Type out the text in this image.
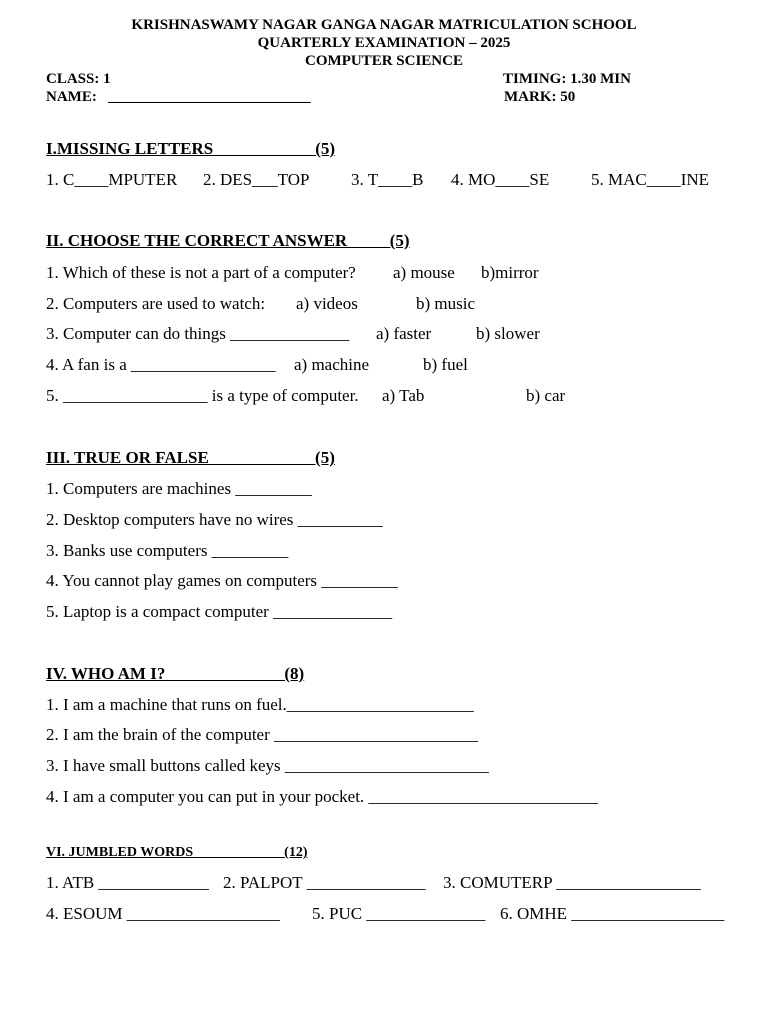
KRISHNASWAMY NAGAR GANGA NAGAR MATRICULATION SCHOOL
QUARTERLY EXAMINATION – 2025
COMPUTER SCIENCE
CLASS: 1	TIMING: 1.30 MIN
NAME:   ___________________________	MARK: 50
I.MISSING LETTERS                        (5)
1. C____MPUTER 2. DES___TOP 3. T____B 4. MO____SE 5. MAC____INE
II. CHOOSE THE CORRECT ANSWER          (5)
1. Which of these is not a part of a computer? a) mouse b)mirror
2. Computers are used to watch: a) videos	b) music
3. Computer can do things ______________ a) faster	b) slower
4. A fan is a _________________ a) machine	b) fuel
5. _________________ is a type of computer. a) Tab	b) car
III. TRUE OR FALSE                         (5)
1. Computers are machines _________
2. Desktop computers have no wires __________
3. Banks use computers _________
4. You cannot play games on computers _________
5. Laptop is a compact computer ______________
IV. WHO AM I?                            (8)
1. I am a machine that runs on fuel.______________________
2. I am the brain of the computer ________________________
3. I have small buttons called keys ________________________
4. I am a computer you can put in your pocket. ___________________________
VI. JUMBLED WORDS                          (12)
1. ATB _____________ 2. PALPOT ______________ 3. COMUTERP _________________
4. ESOUM __________________ 5. PUC ______________ 6. OMHE __________________
